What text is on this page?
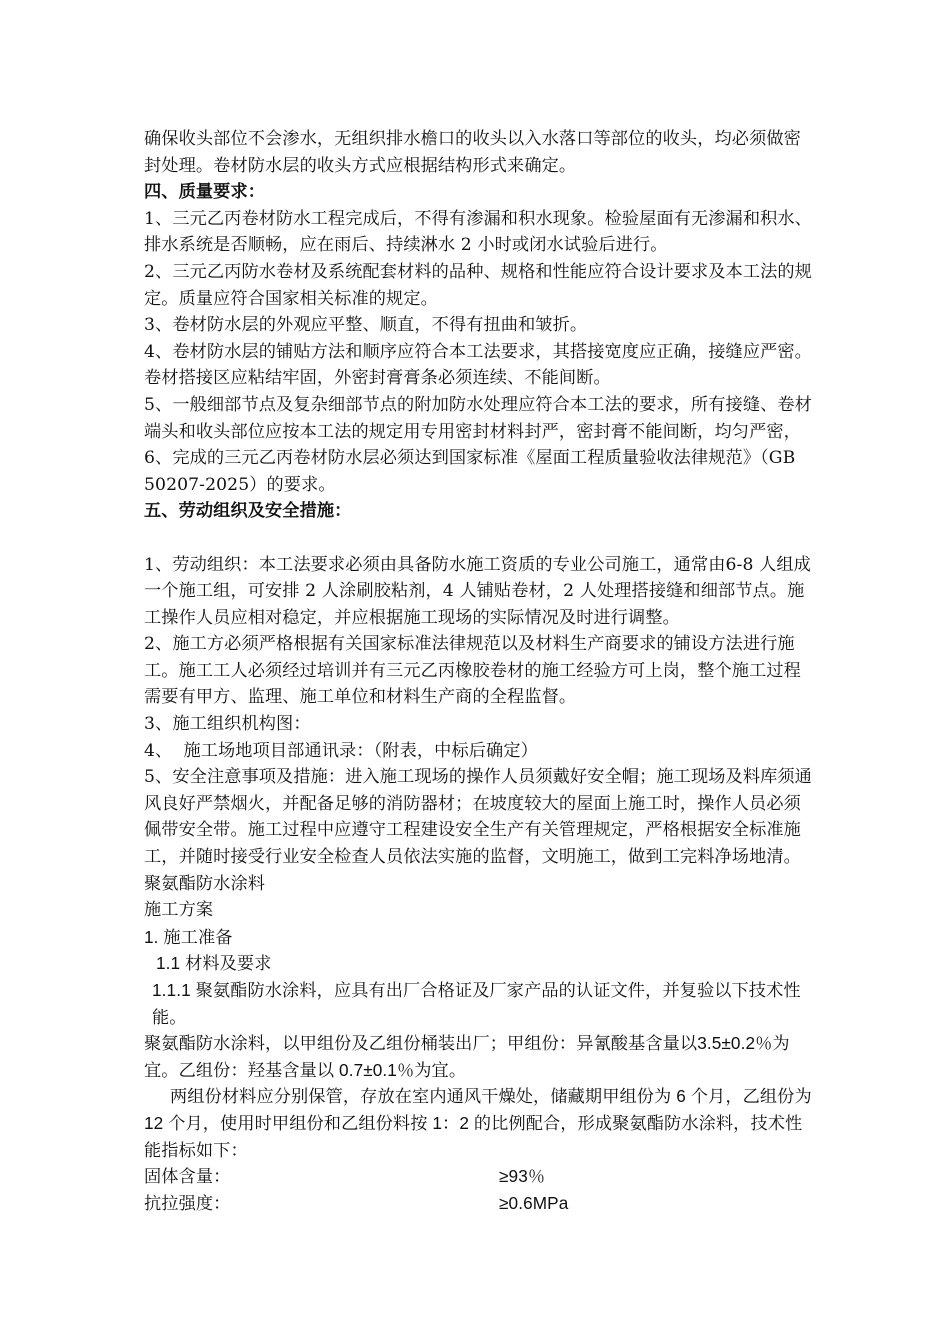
确保收头部位不会渗水，无组织排水檐口的收头以入水落口等部位的收头，均必须做密封处理。卷材防水层的收头方式应根据结构形式来确定。

四、质量要求：

1、三元乙丙卷材防水工程完成后，不得有渗漏和积水现象。检验屋面有无渗漏和积水、排水系统是否顺畅，应在雨后、持续淋水 2 小时或闭水试验后进行。

2、三元乙丙防水卷材及系统配套材料的品种、规格和性能应符合设计要求及本工法的规定。质量应符合国家相关标准的规定。

3、卷材防水层的外观应平整、顺直，不得有扭曲和皱折。

4、卷材防水层的铺贴方法和顺序应符合本工法要求，其搭接宽度应正确，接缝应严密。卷材搭接区应粘结牢固，外密封膏膏条必须连续、不能间断。

5、一般细部节点及复杂细部节点的附加防水处理应符合本工法的要求，所有接缝、卷材端头和收头部位应按本工法的规定用专用密封材料封严，密封膏不能间断，均匀严密，

6、完成的三元乙丙卷材防水层必须达到国家标准《屋面工程质量验收法律规范》（GB 50207-2025）的要求。

五、劳动组织及安全措施：

1、劳动组织：本工法要求必须由具备防水施工资质的专业公司施工，通常由6-8 人组成一个施工组，可安排 2 人涂刷胶粘剂，4 人铺贴卷材，2 人处理搭接缝和细部节点。施工操作人员应相对稳定，并应根据施工现场的实际情况及时进行调整。

2、施工方必须严格根据有关国家标准法律规范以及材料生产商要求的铺设方法进行施工。施工工人必须经过培训并有三元乙丙橡胶卷材的施工经验方可上岗，整个施工过程需要有甲方、监理、施工单位和材料生产商的全程监督。

3、施工组织机构图：

4、  施工场地项目部通讯录：（附表，中标后确定）

5、安全注意事项及措施：进入施工现场的操作人员须戴好安全帽；施工现场及料库须通风良好严禁烟火，并配备足够的消防器材；在坡度较大的屋面上施工时，操作人员必须佩带安全带。施工过程中应遵守工程建设安全生产有关管理规定，严格根据安全标准施工，并随时接受行业安全检查人员依法实施的监督，文明施工，做到工完料净场地清。

聚氨酯防水涂料

施工方案

1. 施工准备

1.1 材料及要求

1.1.1 聚氨酯防水涂料，应具有出厂合格证及厂家产品的认证文件，并复验以下技术性能。

聚氨酯防水涂料，以甲组份及乙组份桶装出厂；甲组份：异氰酸基含量以3.5±0.2％为宜。乙组份：羟基含量以 0.7±0.1％为宜。

两组份材料应分别保管，存放在室内通风干燥处，储藏期甲组份为 6 个月，乙组份为 12 个月，使用时甲组份和乙组份料按 1：2 的比例配合，形成聚氨酯防水涂料，技术性能指标如下：

固体含量：	≥93％
抗拉强度：	≥0.6MPa
